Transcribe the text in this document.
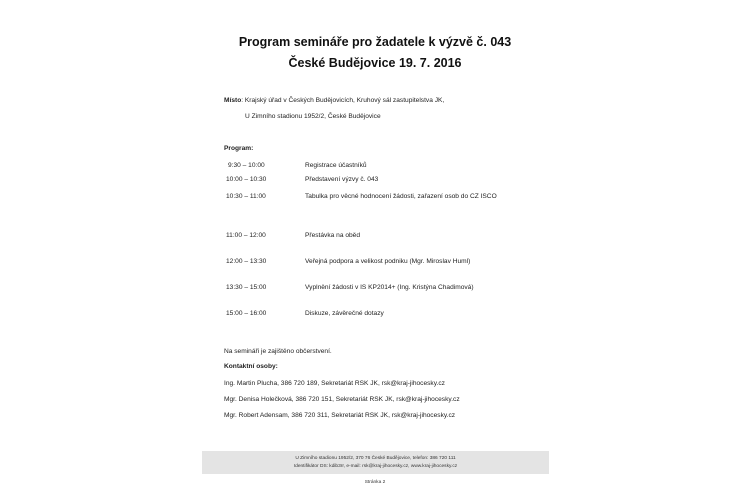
Program semináře pro žadatele k výzvě č. 043
České Budějovice 19. 7. 2016
Místo: Krajský úřad v Českých Budějovicích, Kruhový sál zastupitelstva JK,
U Zimního stadionu 1952/2, České Budějovice
Program:
9:30 – 10:00	Registrace účastníků
10:00 – 10:30	Představení výzvy č. 043
10:30 – 11:00	Tabulka pro věcné hodnocení žádosti, zařazení osob do CZ ISCO
11:00 – 12:00	Přestávka na oběd
12:00 – 13:30	Veřejná podpora a velikost podniku (Mgr. Miroslav Huml)
13:30 – 15:00	Vyplnění žádosti v IS KP2014+ (Ing. Kristýna Chadimová)
15:00 – 16:00	Diskuze, závěrečné dotazy
Na semináři je zajištěno občerstvení.
Kontaktní osoby:
Ing. Martin Plucha, 386 720 189, Sekretariát RSK JK, rsk@kraj-jihocesky.cz
Mgr. Denisa Holečková, 386 720 151, Sekretariát RSK JK, rsk@kraj-jihocesky.cz
Mgr. Robert Adensam, 386 720 311, Sekretariát RSK JK, rsk@kraj-jihocesky.cz
U Zimního stadionu 1952/2, 370 76 České Budějovice, telefon: 386 720 111
Identifikátor DS: kdib3rr, e-mail: rsk@kraj-jihocesky.cz, www.kraj-jihocesky.cz
Stránka 2
